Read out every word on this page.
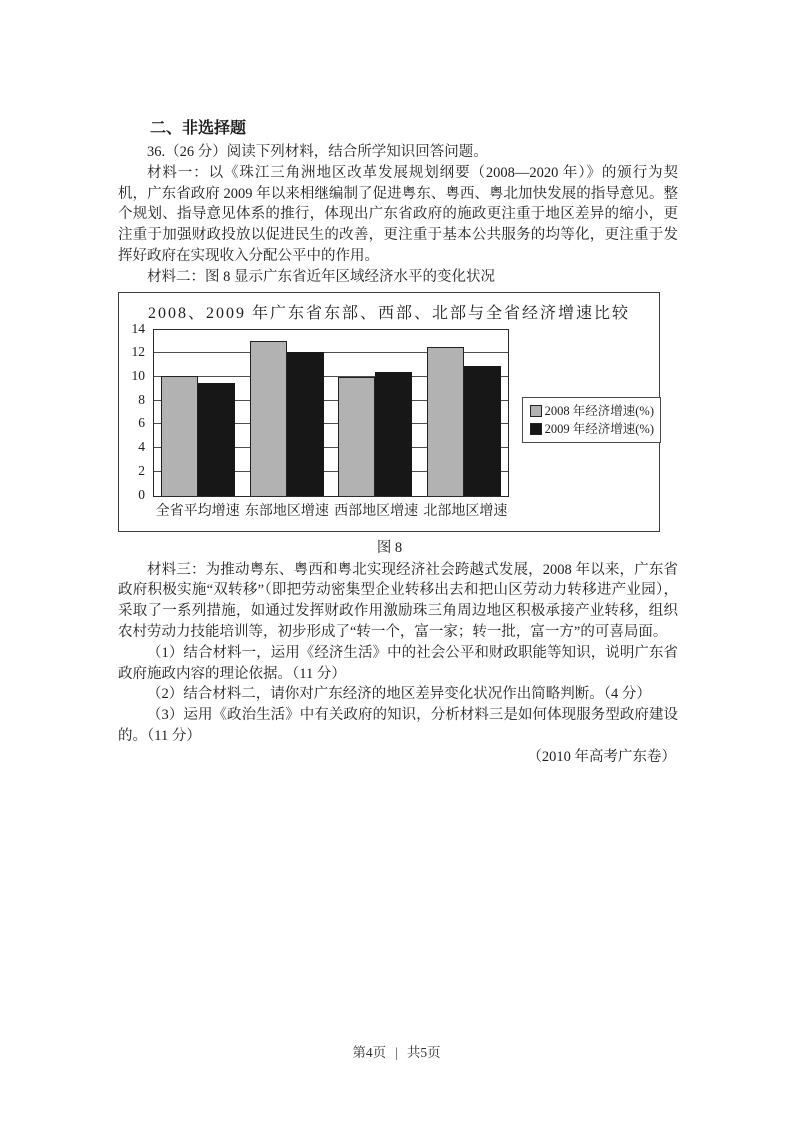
二、非选择题

36.（26 分）阅读下列材料，结合所学知识回答问题。

材料一：以《珠江三角洲地区改革发展规划纲要（2008—2020 年）》的颁行为契机，广东省政府 2009 年以来相继编制了促进粤东、粤西、粤北加快发展的指导意见。整个规划、指导意见体系的推行，体现出广东省政府的施政更注重于地区差异的缩小，更注重于加强财政投放以促进民生的改善，更注重于基本公共服务的均等化，更注重于发挥好政府在实现收入分配公平中的作用。

材料二：图 8 显示广东省近年区域经济水平的变化状况

2008、2009 年广东省东部、西部、北部与全省经济增速比较
0
2
4
6
8
10
12
14
全省平均增速 东部地区增速 西部地区增速 北部地区增速
2008 年经济增速(%)
2009 年经济增速(%)
图 8

材料三：为推动粤东、粤西和粤北实现经济社会跨越式发展，2008 年以来，广东省政府积极实施“双转移”（即把劳动密集型企业转移出去和把山区劳动力转移进产业园），采取了一系列措施，如通过发挥财政作用激励珠三角周边地区积极承接产业转移，组织农村劳动力技能培训等，初步形成了“转一个，富一家；转一批，富一方”的可喜局面。

（1）结合材料一，运用《经济生活》中的社会公平和财政职能等知识，说明广东省政府施政内容的理论依据。（11 分）

（2）结合材料二，请你对广东经济的地区差异变化状况作出简略判断。（4 分）

（3）运用《政治生活》中有关政府的知识，分析材料三是如何体现服务型政府建设的。（11 分）

（2010 年高考广东卷）

第4页 | 共5页
